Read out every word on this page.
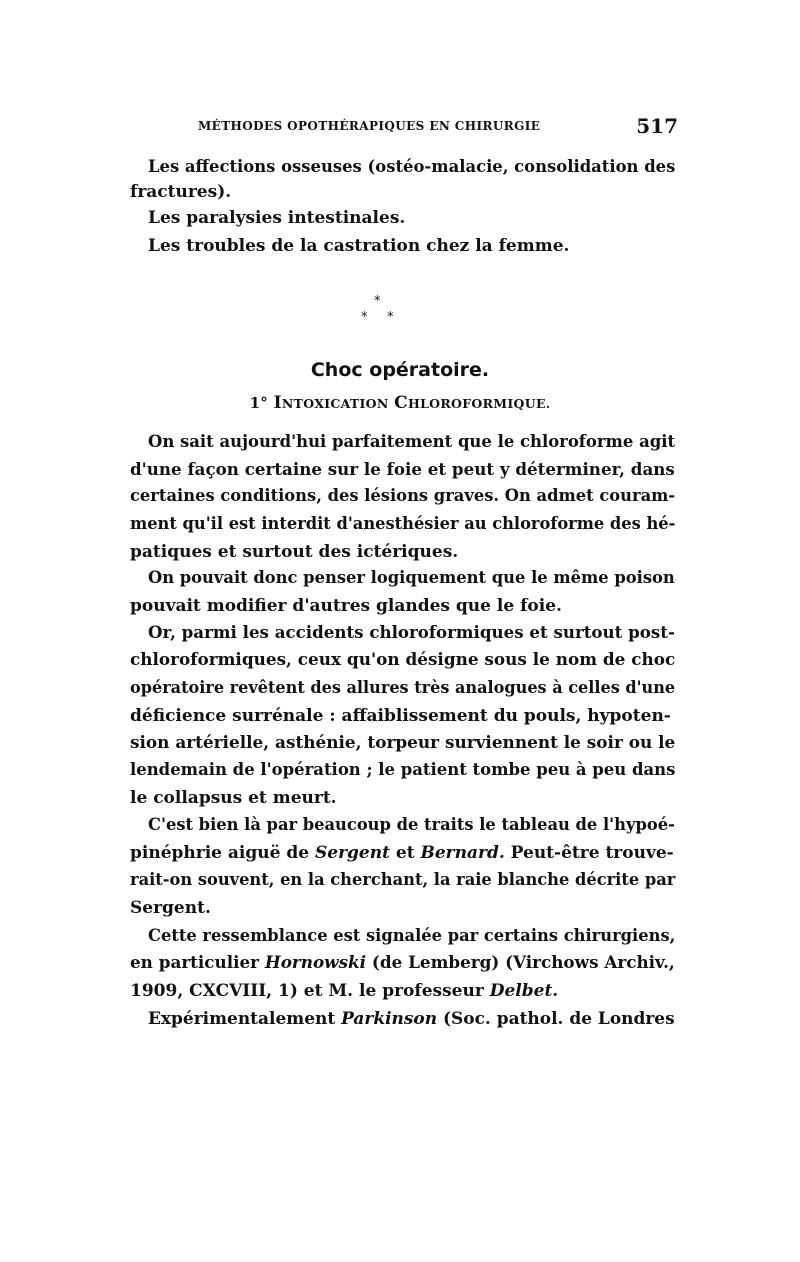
MÉTHODES OPOTHÉRAPIQUES EN CHIRURGIE	517
Les affections osseuses (ostéo-malacie, consolidation des
fractures).
Les paralysies intestinales.
Les troubles de la castration chez la femme.
*
* *
Choc opératoire.
1° INTOXICATION CHLOROFORMIQUE.
On sait aujourd'hui parfaitement que le chloroforme agit
d'une façon certaine sur le foie et peut y déterminer, dans
certaines conditions, des lésions graves. On admet couram-
ment qu'il est interdit d'anesthésier au chloroforme des hé-
patiques et surtout des ictériques.
On pouvait donc penser logiquement que le même poison
pouvait modifier d'autres glandes que le foie.
Or, parmi les accidents chloroformiques et surtout post-
chloroformiques, ceux qu'on désigne sous le nom de choc
opératoire revêtent des allures très analogues à celles d'une
déficience surrénale : affaiblissement du pouls, hypoten-
sion artérielle, asthénie, torpeur surviennent le soir ou le
lendemain de l'opération ; le patient tombe peu à peu dans
le collapsus et meurt.
C'est bien là par beaucoup de traits le tableau de l'hypoé-
pinéphrie aiguë de Sergent et Bernard. Peut-être trouve-
rait-on souvent, en la cherchant, la raie blanche décrite par
Sergent.
Cette ressemblance est signalée par certains chirurgiens,
en particulier Hornowski (de Lemberg) (Virchows Archiv.,
1909, CXCVIII, 1) et M. le professeur Delbet.
Expérimentalement Parkinson (Soc. pathol. de Londres
